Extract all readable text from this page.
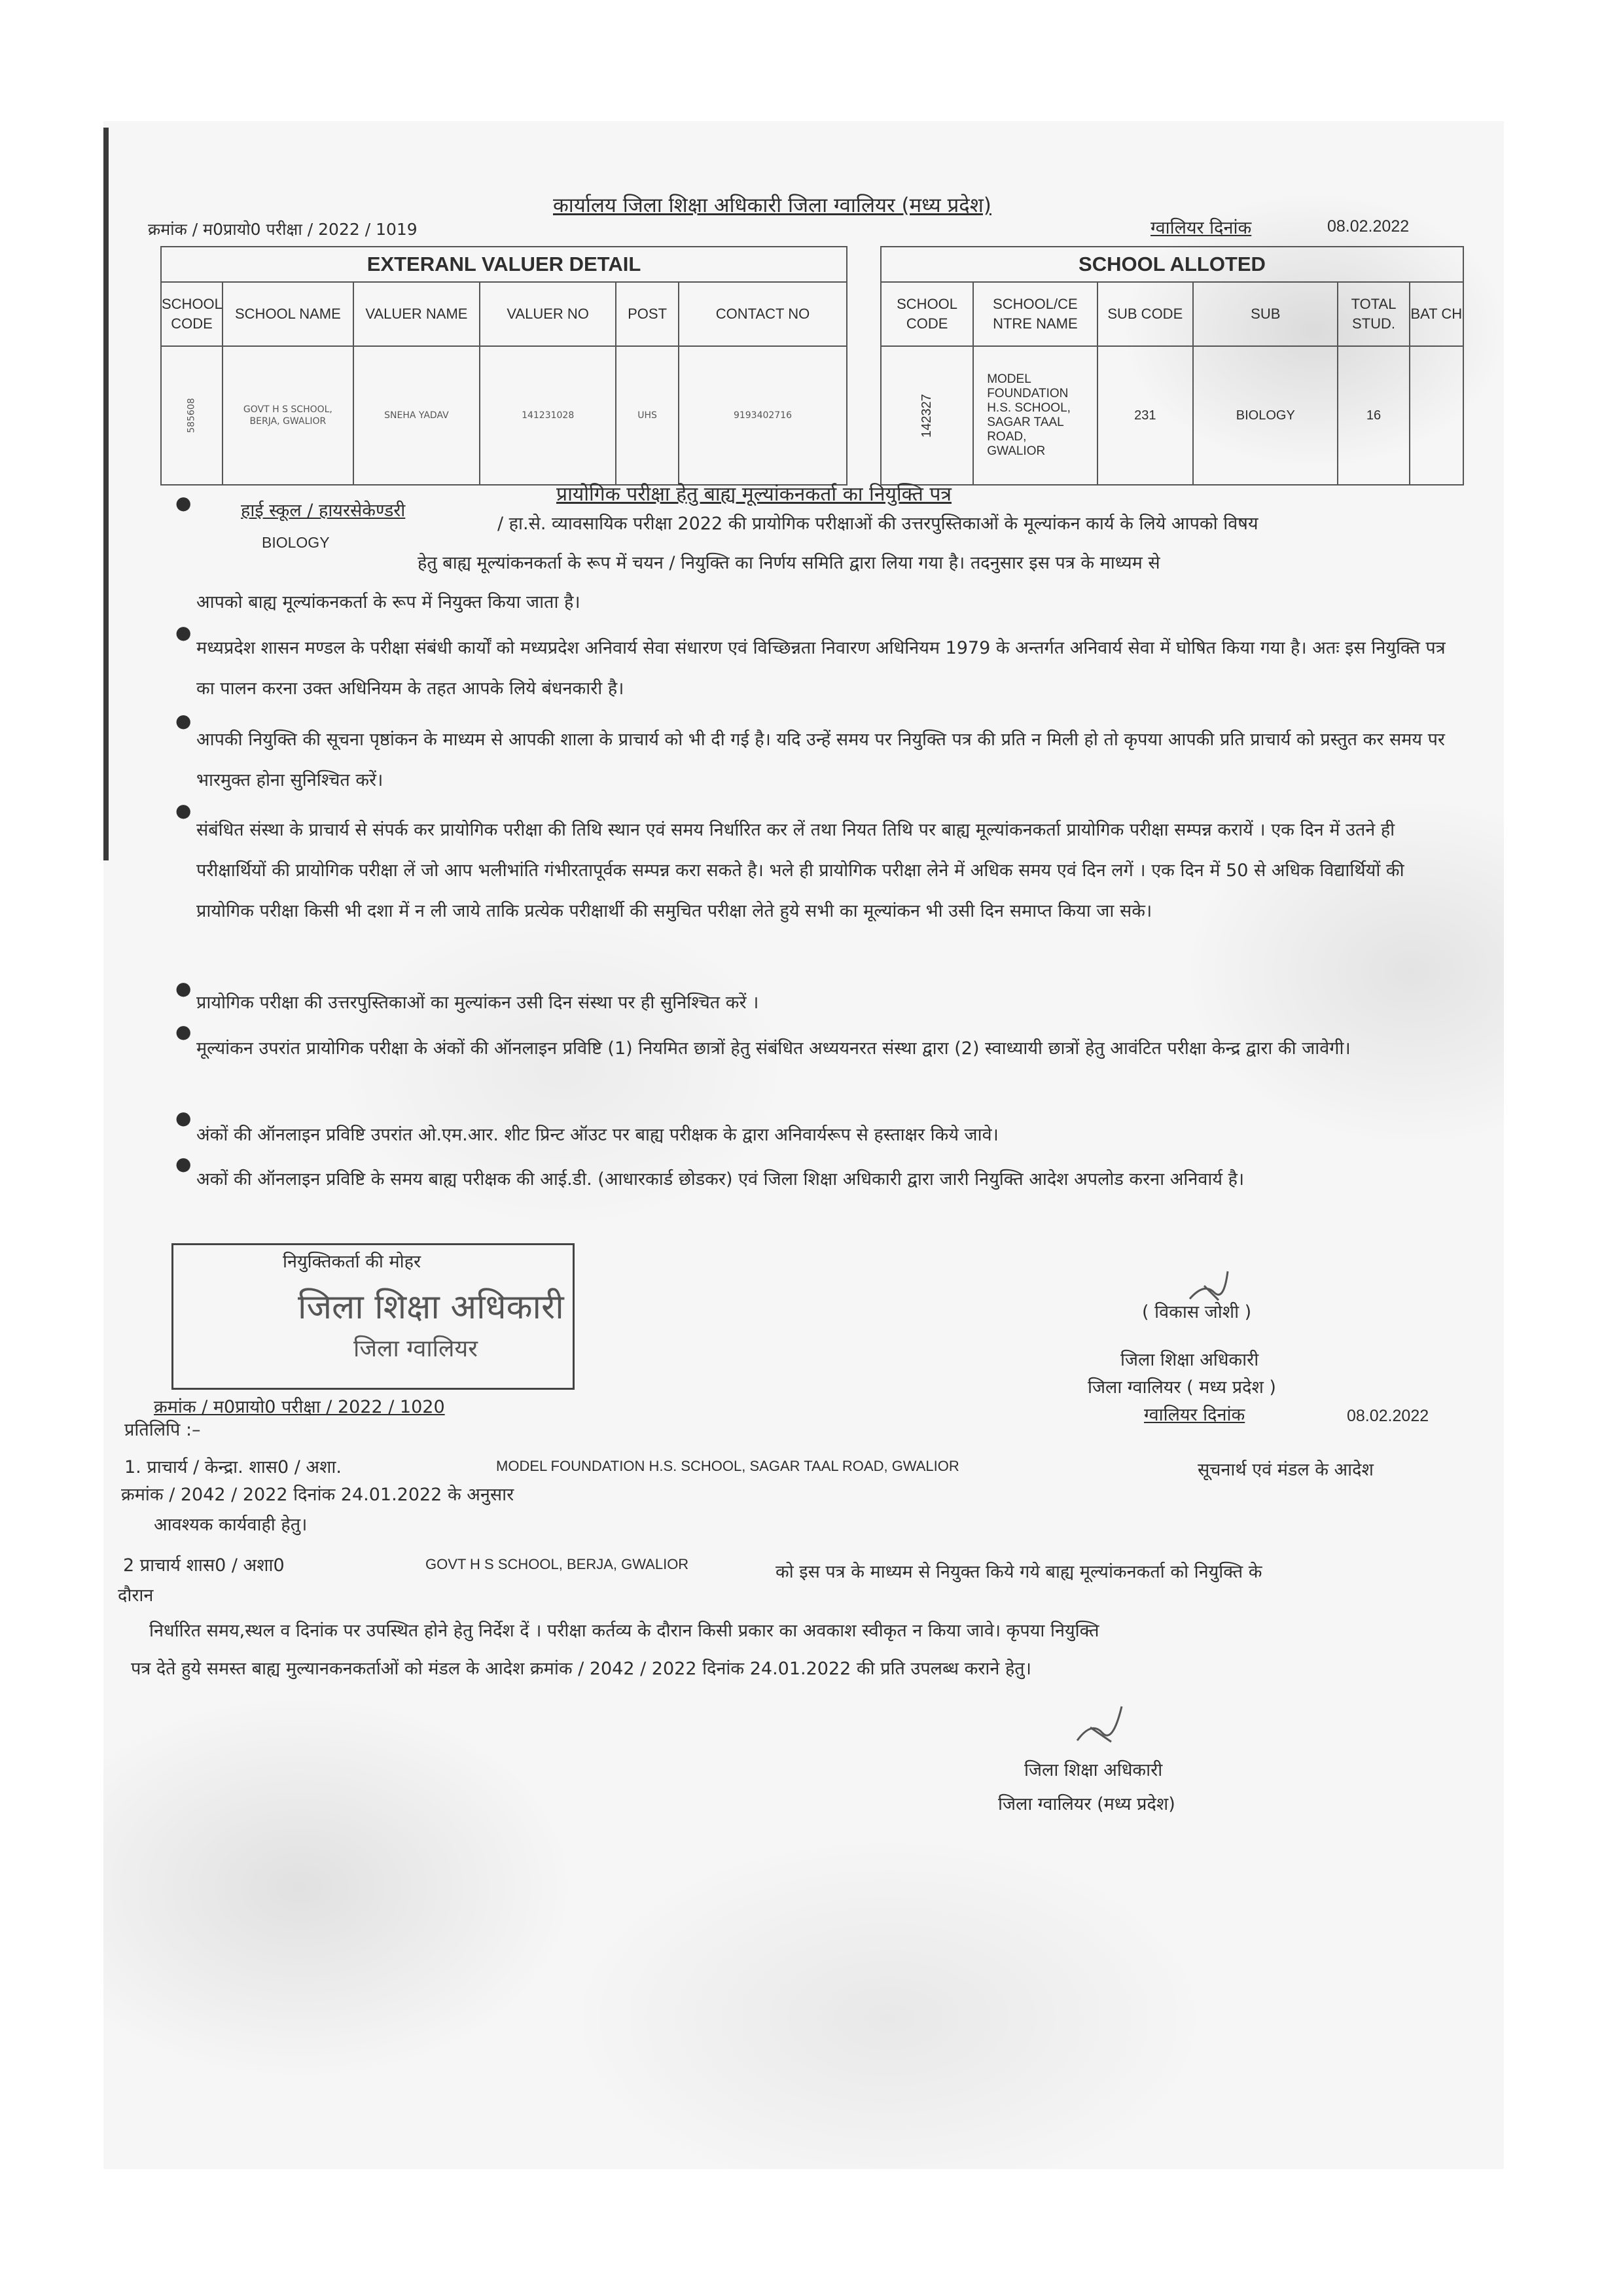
कार्यालय जिला शिक्षा अधिकारी जिला ग्वालियर (मध्य प्रदेश)
क्रमांक / म0प्रायो0 परीक्षा / 2022 / 1019	ग्वालियर दिनांक	08.02.2022
EXTERANL VALUER DETAIL					
SCHOOL CODE	SCHOOL NAME	VALUER NAME	VALUER NO	POST	CONTACT NO
585608	GOVT H S SCHOOL, BERJA, GWALIOR	SNEHA YADAV	141231028	UHS	9193402716
SCHOOL ALLOTED					
SCHOOL CODE	SCHOOL/CE NTRE NAME	SUB CODE	SUB	TOTAL STUD.	BAT CH
142327	MODEL FOUNDATION H.S. SCHOOL, SAGAR TAAL ROAD, GWALIOR	231	BIOLOGY	16	
प्रायोगिक परीक्षा हेतु बाह्य मूल्यांकनकर्ता का नियुक्ति पत्र
●	हाई स्कूल / हायरसेकेण्डरी
/ हा.से. व्यावसायिक परीक्षा 2022 की प्रायोगिक परीक्षाओं की उत्तरपुस्तिकाओं के मूल्यांकन कार्य के लिये आपको विषय
BIOLOGY
हेतु बाह्य मूल्यांकनकर्ता के रूप में चयन / नियुक्ति का निर्णय समिति द्वारा लिया गया है। तदनुसार इस पत्र के माध्यम से
आपको बाह्य मूल्यांकनकर्ता के रूप में नियुक्त किया जाता है।
●
मध्यप्रदेश शासन मण्डल के परीक्षा संबंधी कार्यों को मध्यप्रदेश अनिवार्य सेवा संधारण एवं विच्छिन्नता निवारण अधिनियम 1979 के अन्तर्गत अनिवार्य सेवा में घोषित किया गया है। अतः इस नियुक्ति पत्र का पालन करना उक्त अधिनियम के तहत आपके लिये बंधनकारी है।
●
आपकी नियुक्ति की सूचना पृष्ठांकन के माध्यम से आपकी शाला के प्राचार्य को भी दी गई है। यदि उन्हें समय पर नियुक्ति पत्र की प्रति न मिली हो तो कृपया आपकी प्रति प्राचार्य को प्रस्तुत कर समय पर भारमुक्त होना सुनिश्चित करें।
●
संबंधित संस्था के प्राचार्य से संपर्क कर प्रायोगिक परीक्षा की तिथि स्थान एवं समय निर्धारित कर लें तथा नियत तिथि पर बाह्य मूल्यांकनकर्ता प्रायोगिक परीक्षा सम्पन्न करायें । एक दिन में उतने ही परीक्षार्थियों की प्रायोगिक परीक्षा लें जो आप भलीभांति गंभीरतापूर्वक सम्पन्न करा सकते है। भले ही प्रायोगिक परीक्षा लेने में अधिक समय एवं दिन लगें । एक दिन में 50 से अधिक विद्यार्थियों की प्रायोगिक परीक्षा किसी भी दशा में न ली जाये ताकि प्रत्येक परीक्षार्थी की समुचित परीक्षा लेते हुये सभी का मूल्यांकन भी उसी दिन समाप्त किया जा सके।
●
प्रायोगिक परीक्षा की उत्तरपुस्तिकाओं का मुल्यांकन उसी दिन संस्था पर ही सुनिश्चित करें ।
●
मूल्यांकन उपरांत प्रायोगिक परीक्षा के अंकों की ऑनलाइन प्रविष्टि (1) नियमित छात्रों हेतु संबंधित अध्ययनरत संस्था द्वारा (2) स्वाध्यायी छात्रों हेतु आवंटित परीक्षा केन्द्र द्वारा की जावेगी।
●
अंकों की ऑनलाइन प्रविष्टि उपरांत ओ.एम.आर. शीट प्रिन्ट ऑउट पर बाह्य परीक्षक के द्वारा अनिवार्यरूप से हस्ताक्षर किये जावे।
●
अकों की ऑनलाइन प्रविष्टि के समय बाह्य परीक्षक की आई.डी. (आधारकार्ड छोडकर) एवं जिला शिक्षा अधिकारी द्वारा जारी नियुक्ति आदेश अपलोड करना अनिवार्य है।
नियुक्तिकर्ता की मोहर
जिला शिक्षा अधिकारी
जिला ग्वालियर
( विकास जोशी )
जिला शिक्षा अधिकारी
जिला ग्वालियर ( मध्य प्रदेश )
ग्वालियर दिनांक	08.02.2022
क्रमांक / म0प्रायो0 परीक्षा / 2022 / 1020
प्रतिलिपि :–
1. प्राचार्य / केन्द्रा. शास0 / अशा.	MODEL FOUNDATION H.S. SCHOOL, SAGAR TAAL ROAD, GWALIOR	सूचनार्थ एवं मंडल के आदेश
क्रमांक / 2042 / 2022 दिनांक 24.01.2022 के अनुसार
आवश्यक कार्यवाही हेतु।
2 प्राचार्य शास0 / अशा0	GOVT H S SCHOOL, BERJA, GWALIOR	को इस पत्र के माध्यम से नियुक्त किये गये बाह्य मूल्यांकनकर्ता को नियुक्ति के
दौरान
निर्धारित समय,स्थल व दिनांक पर उपस्थित होने हेतु निर्देश दें । परीक्षा कर्तव्य के दौरान किसी प्रकार का अवकाश स्वीकृत न किया जावे। कृपया नियुक्ति
पत्र देते हुये समस्त बाह्य मुल्यानकनकर्ताओं को मंडल के आदेश क्रमांक / 2042 / 2022 दिनांक 24.01.2022 की प्रति उपलब्ध कराने हेतु।
जिला शिक्षा अधिकारी
जिला ग्वालियर (मध्य प्रदेश)
